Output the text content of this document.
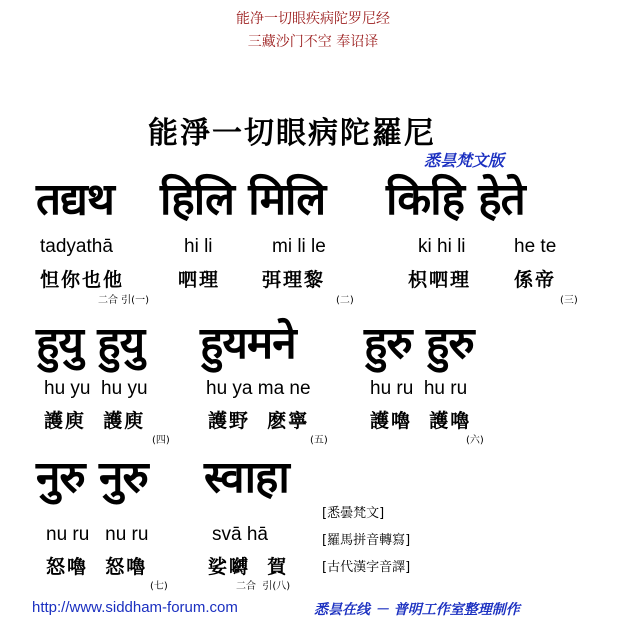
能净一切眼疾病陀罗尼经
三藏沙门不空 奉诏译
能淨一切眼病陀羅尼
悉昙梵文版
तद्यथ हिलि मिलि किहि हेते
tadyathā	hi li	mi li le	ki hi li	he te
怛你也他	呬理 弭理黎	枳呬理 係帝
二合 引(一)	(二)	(三)
हुयु हुयु हुयमने हुरु हुरु
hu yu  hu yu	hu ya ma ne	hu ru  hu ru
護庾  護庾	護野  麽寧	護嚕  護嚕
(四)	(五)	(六)
नुरु नुरु स्वाहा
nu ru   nu ru	svā hā
怒嚕  怒嚕	娑嚩  賀
(七)	二合  引(八)
[悉曇梵文]
[羅馬拼音轉寫]
[古代漢字音譯]
http://www.siddham-forum.com	悉昙在线 － 普明工作室整理制作
